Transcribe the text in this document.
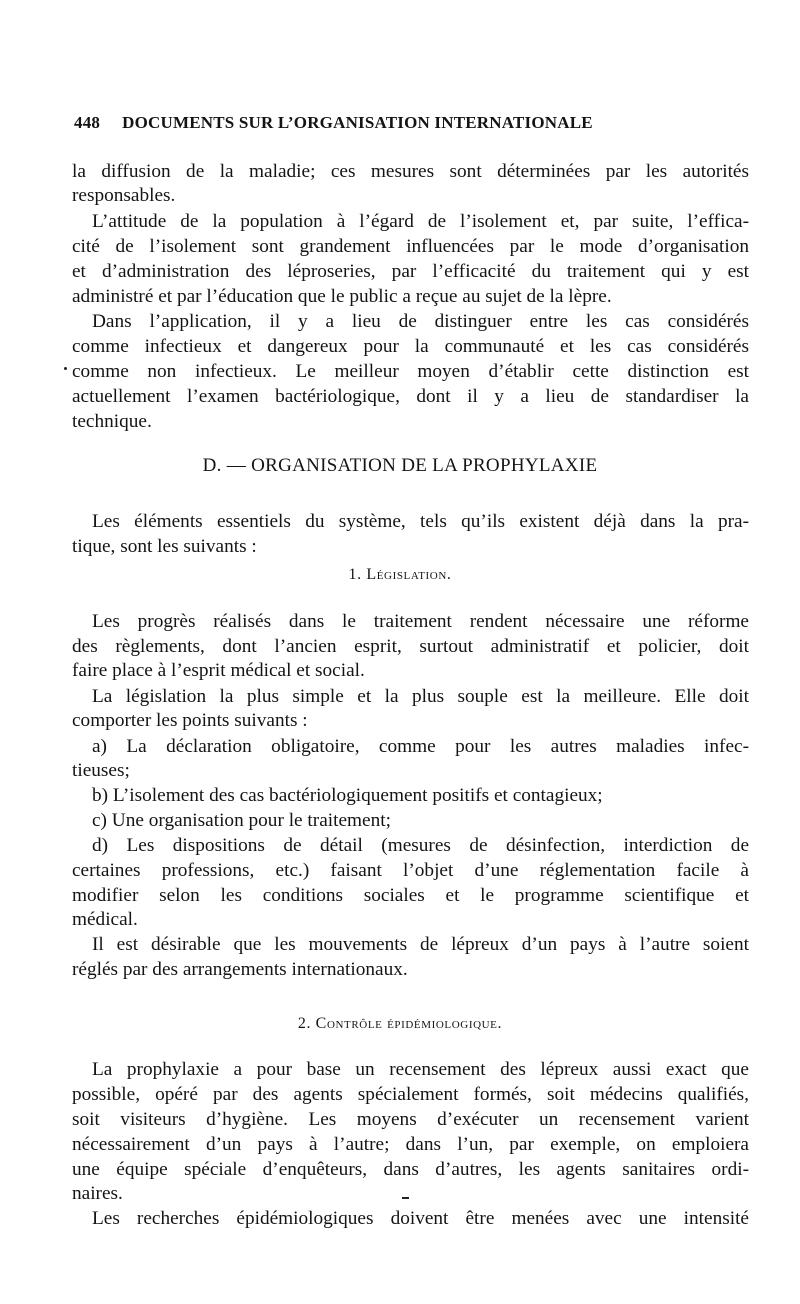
448 DOCUMENTS SUR L’ORGANISATION INTERNATIONALE
la diffusion de la maladie; ces mesures sont déterminées par les autorités
responsables.
L’attitude de la population à l’égard de l’isolement et, par suite, l’effica-
cité de l’isolement sont grandement influencées par le mode d’organisation
et d’administration des léproseries, par l’efficacité du traitement qui y est
administré et par l’éducation que le public a reçue au sujet de la lèpre.
Dans l’application, il y a lieu de distinguer entre les cas considérés
comme infectieux et dangereux pour la communauté et les cas considérés
comme non infectieux. Le meilleur moyen d’établir cette distinction est
actuellement l’examen bactériologique, dont il y a lieu de standardiser la
technique.
D. — ORGANISATION DE LA PROPHYLAXIE
Les éléments essentiels du système, tels qu’ils existent déjà dans la pra-
tique, sont les suivants :
1. Législation.
Les progrès réalisés dans le traitement rendent nécessaire une réforme
des règlements, dont l’ancien esprit, surtout administratif et policier, doit
faire place à l’esprit médical et social.
La législation la plus simple et la plus souple est la meilleure. Elle doit
comporter les points suivants :
a) La déclaration obligatoire, comme pour les autres maladies infec-
tieuses;
b) L’isolement des cas bactériologiquement positifs et contagieux;
c) Une organisation pour le traitement;
d) Les dispositions de détail (mesures de désinfection, interdiction de
certaines professions, etc.) faisant l’objet d’une réglementation facile à
modifier selon les conditions sociales et le programme scientifique et
médical.
Il est désirable que les mouvements de lépreux d’un pays à l’autre soient
réglés par des arrangements internationaux.
2. Contrôle épidémiologique.
La prophylaxie a pour base un recensement des lépreux aussi exact que
possible, opéré par des agents spécialement formés, soit médecins qualifiés,
soit visiteurs d’hygiène. Les moyens d’exécuter un recensement varient
nécessairement d’un pays à l’autre; dans l’un, par exemple, on emploiera
une équipe spéciale d’enquêteurs, dans d’autres, les agents sanitaires ordi-
naires.
Les recherches épidémiologiques doivent être menées avec une intensité
